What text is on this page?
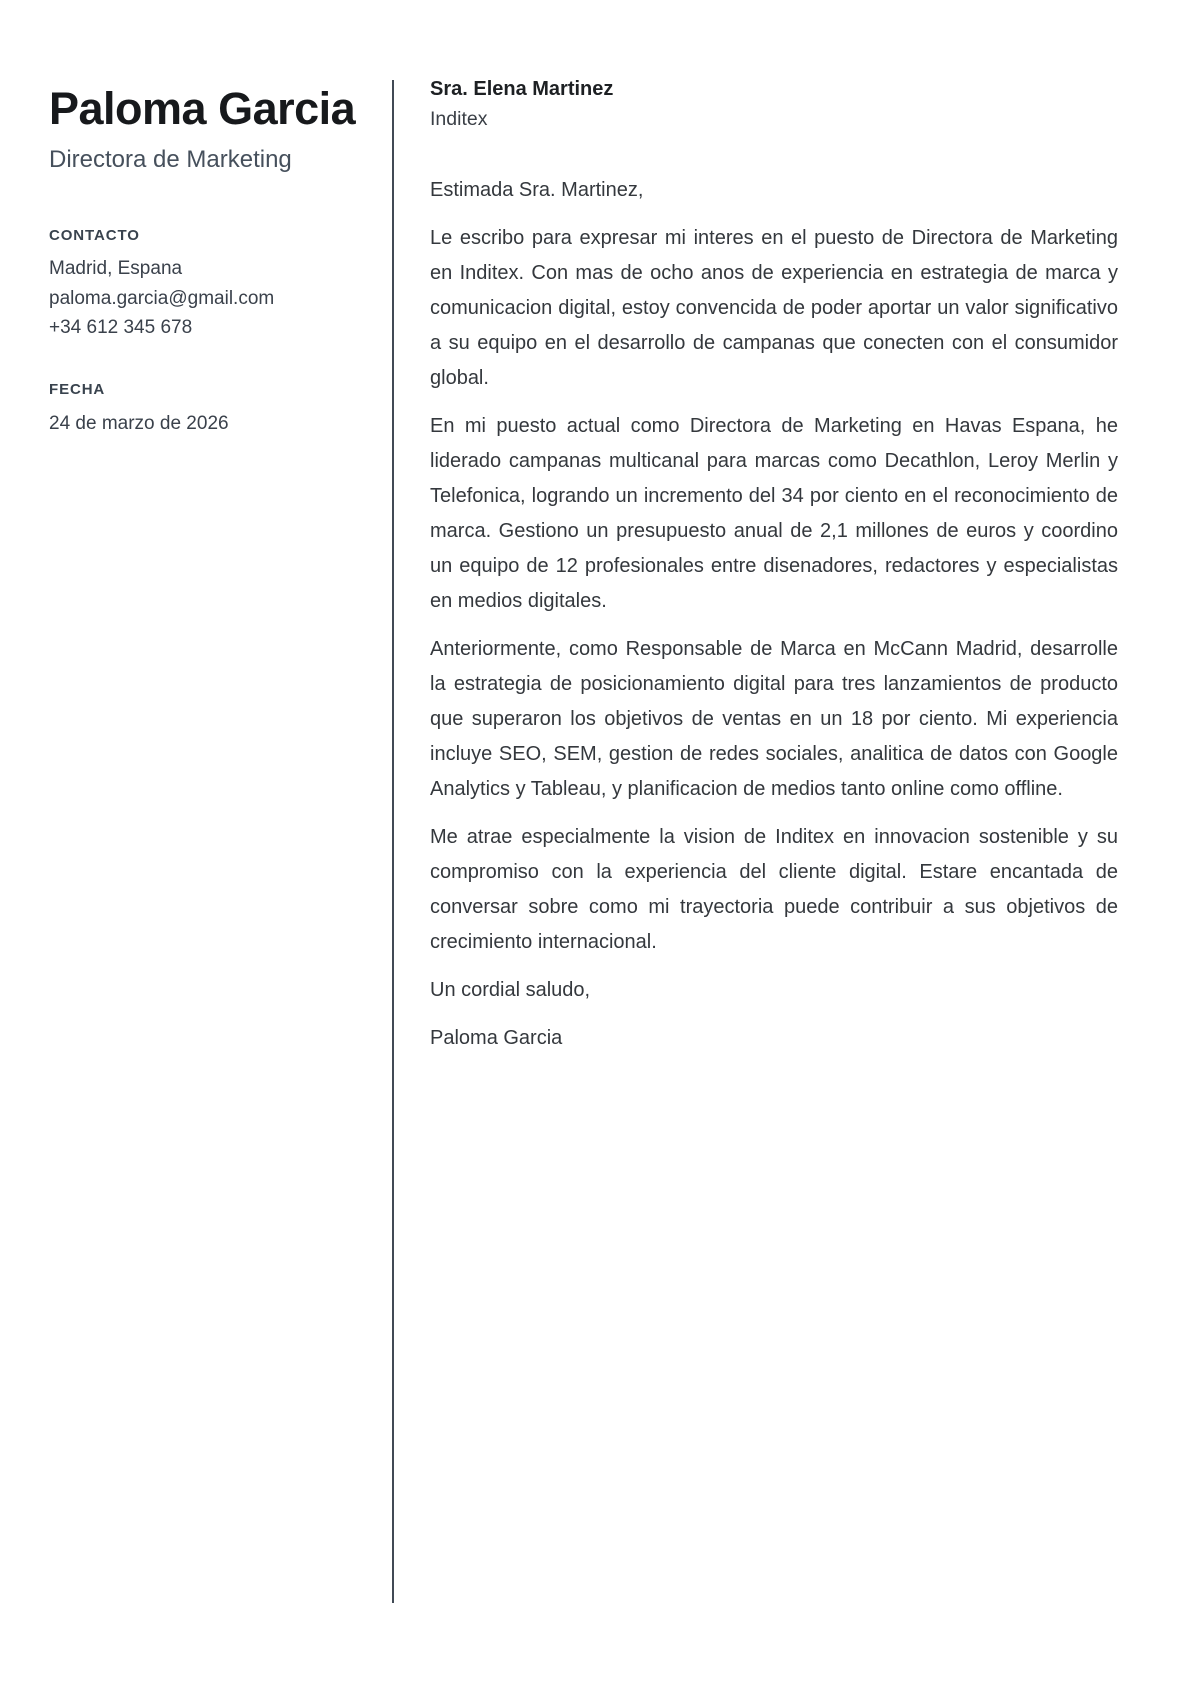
Paloma Garcia
Directora de Marketing
CONTACTO
Madrid, Espana
paloma.garcia@gmail.com
+34 612 345 678
FECHA
24 de marzo de 2026
Sra. Elena Martinez
Inditex

Estimada Sra. Martinez,

Le escribo para expresar mi interes en el puesto de Directora de Marketing en Inditex. Con mas de ocho anos de experiencia en estrategia de marca y comunicacion digital, estoy convencida de poder aportar un valor significativo a su equipo en el desarrollo de campanas que conecten con el consumidor global.

En mi puesto actual como Directora de Marketing en Havas Espana, he liderado campanas multicanal para marcas como Decathlon, Leroy Merlin y Telefonica, logrando un incremento del 34 por ciento en el reconocimiento de marca. Gestiono un presupuesto anual de 2,1 millones de euros y coordino un equipo de 12 profesionales entre disenadores, redactores y especialistas en medios digitales.

Anteriormente, como Responsable de Marca en McCann Madrid, desarrolle la estrategia de posicionamiento digital para tres lanzamientos de producto que superaron los objetivos de ventas en un 18 por ciento. Mi experiencia incluye SEO, SEM, gestion de redes sociales, analitica de datos con Google Analytics y Tableau, y planificacion de medios tanto online como offline.

Me atrae especialmente la vision de Inditex en innovacion sostenible y su compromiso con la experiencia del cliente digital. Estare encantada de conversar sobre como mi trayectoria puede contribuir a sus objetivos de crecimiento internacional.

Un cordial saludo,

Paloma Garcia
